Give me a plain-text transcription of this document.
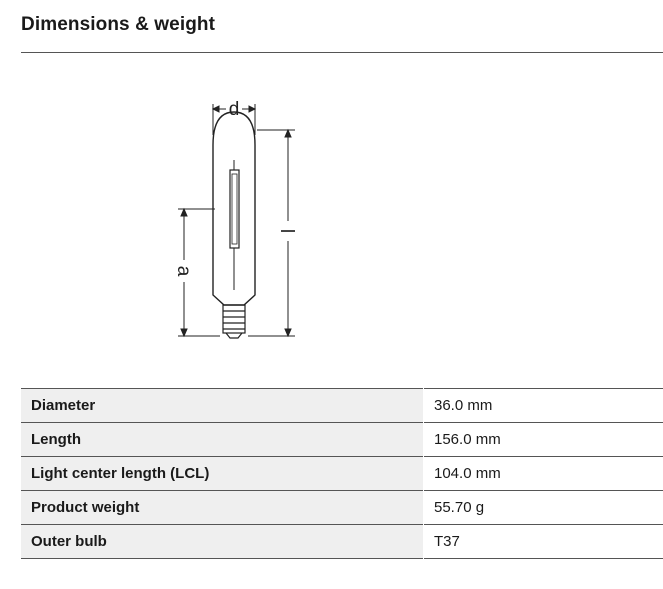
Dimensions & weight
d
l
a
Diameter	36.0 mm
Length	156.0 mm
Light center length (LCL)	104.0 mm
Product weight	55.70 g
Outer bulb	T37
